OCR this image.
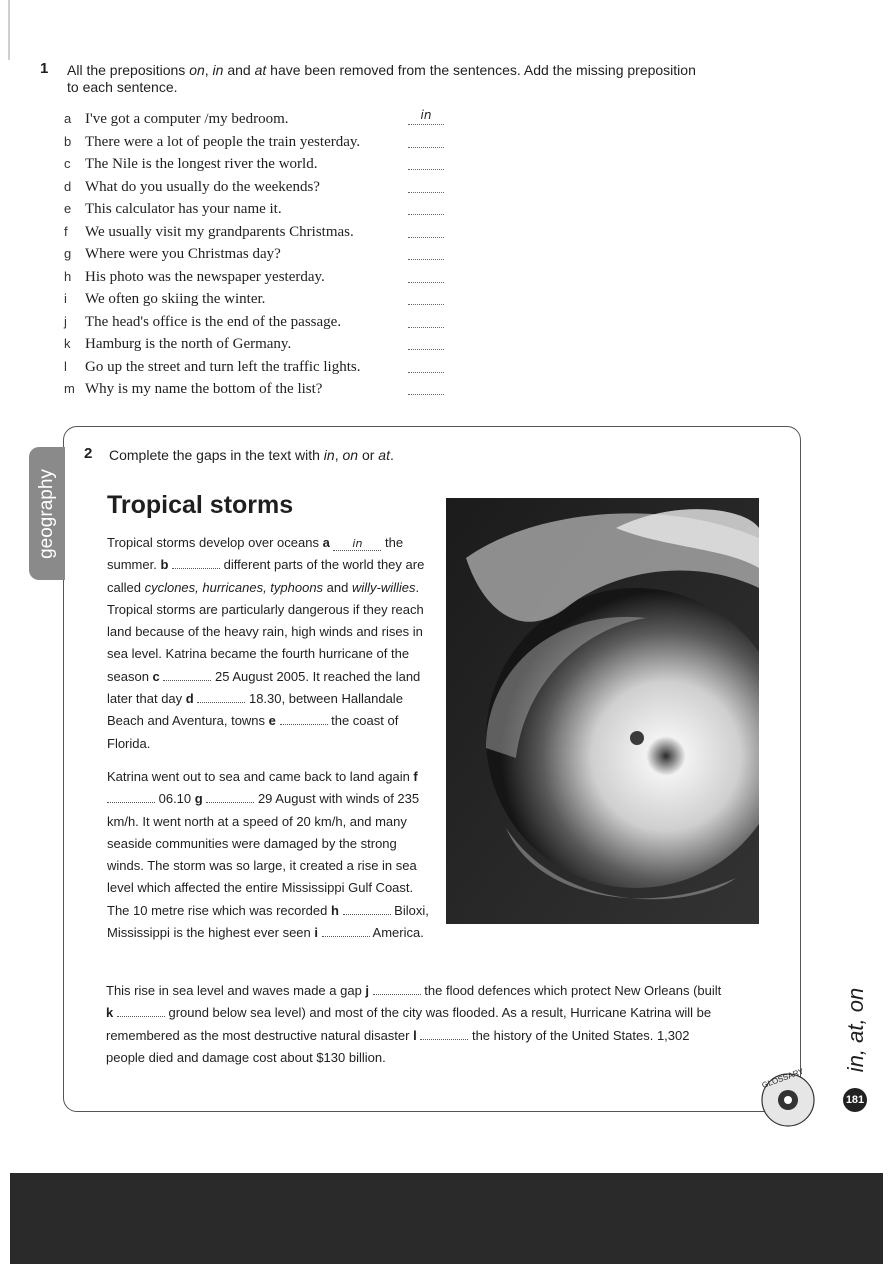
1 All the prepositions on, in and at have been removed from the sentences. Add the missing preposition to each sentence.
a I've got a computer /my bedroom.	in
b There were a lot of people the train yesterday.
c The Nile is the longest river the world.
d What do you usually do the weekends?
e This calculator has your name it.
f We usually visit my grandparents Christmas.
g Where were you Christmas day?
h His photo was the newspaper yesterday.
i We often go skiing the winter.
j The head's office is the end of the passage.
k Hamburg is the north of Germany.
l Go up the street and turn left the traffic lights.
m Why is my name the bottom of the list?
geography
2 Complete the gaps in the text with in, on or at.
Tropical storms

Tropical storms develop over oceans a in the summer. b	different parts of the world they are called cyclones, hurricanes, typhoons and willy-willies. Tropical storms are particularly dangerous if they reach land because of the heavy rain, high winds and rises in sea level. Katrina became the fourth hurricane of the season c	25 August 2005. It reached the land later that day d	18.30, between Hallandale Beach and Aventura, towns e	the coast of Florida.

Katrina went out to sea and came back to land again f  06.10 g	29 August with winds of 235 km/h. It went north at a speed of 20 km/h, and many seaside communities were damaged by the strong winds. The storm was so large, it created a rise in sea level which affected the entire Mississippi Gulf Coast. The 10 metre rise which was recorded h	Biloxi, Mississippi is the highest ever seen i	America.

This rise in sea level and waves made a gap j	the flood defences which protect New Orleans (built k	ground below sea level) and most of the city was flooded. As a result, Hurricane Katrina will be remembered as the most destructive natural disaster l	the history of the United States. 1,302 people died and damage cost about $130 billion.

GLOSSARY
in, at, on
181
